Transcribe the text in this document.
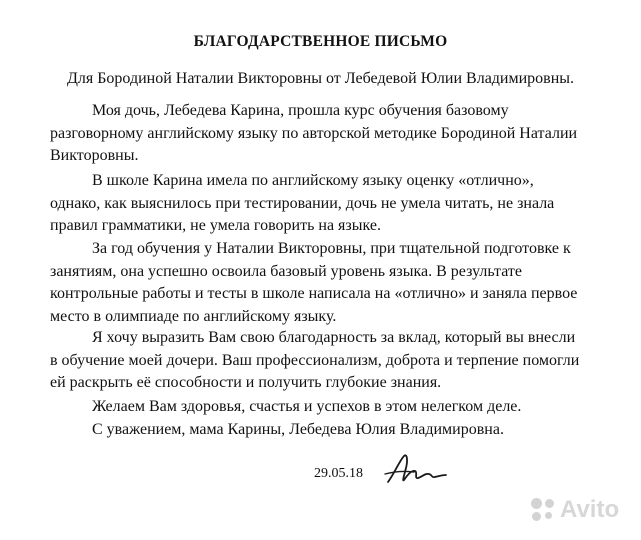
БЛАГОДАРСТВЕННОЕ ПИСЬМО
Для Бородиной Наталии Викторовны от Лебедевой Юлии Владимировны.
Моя дочь, Лебедева Карина, прошла курс обучения базовому
разговорному английскому языку по авторской методике Бородиной Наталии
Викторовны.
В школе Карина имела по английскому языку оценку «отлично»,
однако, как выяснилось при тестировании, дочь не умела читать, не знала
правил грамматики, не умела говорить на языке.
За год обучения у Наталии Викторовны, при тщательной подготовке к
занятиям, она успешно освоила базовый уровень языка. В результате
контрольные работы и тесты в школе написала на «отлично» и заняла первое
место в олимпиаде по английскому языку.
Я хочу выразить Вам свою благодарность за вклад, который вы внесли
в обучение моей дочери. Ваш профессионализм, доброта и терпение помогли
ей раскрыть её способности и получить глубокие знания.
Желаем Вам здоровья, счастья и успехов в этом нелегком деле.
С уважением, мама Карины, Лебедева Юлия Владимировна.
29.05.18
Avito
